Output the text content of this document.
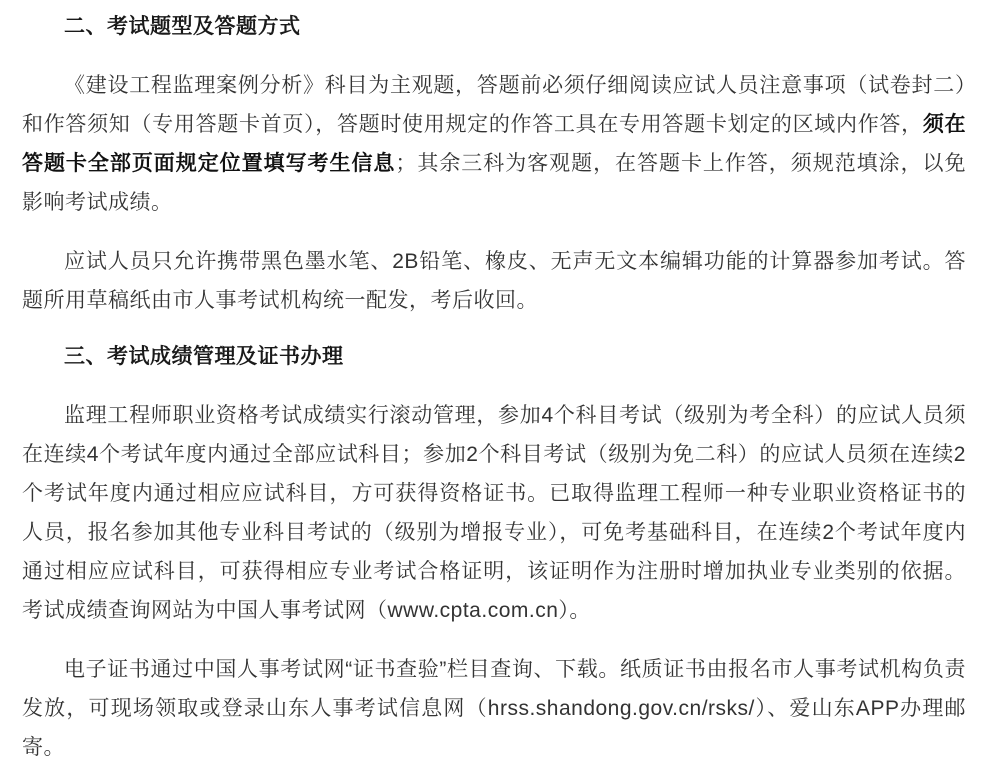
二、考试题型及答题方式

《建设工程监理案例分析》科目为主观题，答题前必须仔细阅读应试人员注意事项（试卷封二）和作答须知（专用答题卡首页），答题时使用规定的作答工具在专用答题卡划定的区域内作答，须在答题卡全部页面规定位置填写考生信息；其余三科为客观题，在答题卡上作答，须规范填涂，以免影响考试成绩。

应试人员只允许携带黑色墨水笔、2B铅笔、橡皮、无声无文本编辑功能的计算器参加考试。答题所用草稿纸由市人事考试机构统一配发，考后收回。

三、考试成绩管理及证书办理

监理工程师职业资格考试成绩实行滚动管理，参加4个科目考试（级别为考全科）的应试人员须在连续4个考试年度内通过全部应试科目；参加2个科目考试（级别为免二科）的应试人员须在连续2个考试年度内通过相应应试科目，方可获得资格证书。已取得监理工程师一种专业职业资格证书的人员，报名参加其他专业科目考试的（级别为增报专业），可免考基础科目，在连续2个考试年度内通过相应应试科目，可获得相应专业考试合格证明，该证明作为注册时增加执业专业类别的依据。考试成绩查询网站为中国人事考试网（www.cpta.com.cn）。

电子证书通过中国人事考试网“证书查验”栏目查询、下载。纸质证书由报名市人事考试机构负责发放，可现场领取或登录山东人事考试信息网（hrss.shandong.gov.cn/rsks/）、爱山东APP办理邮寄。
